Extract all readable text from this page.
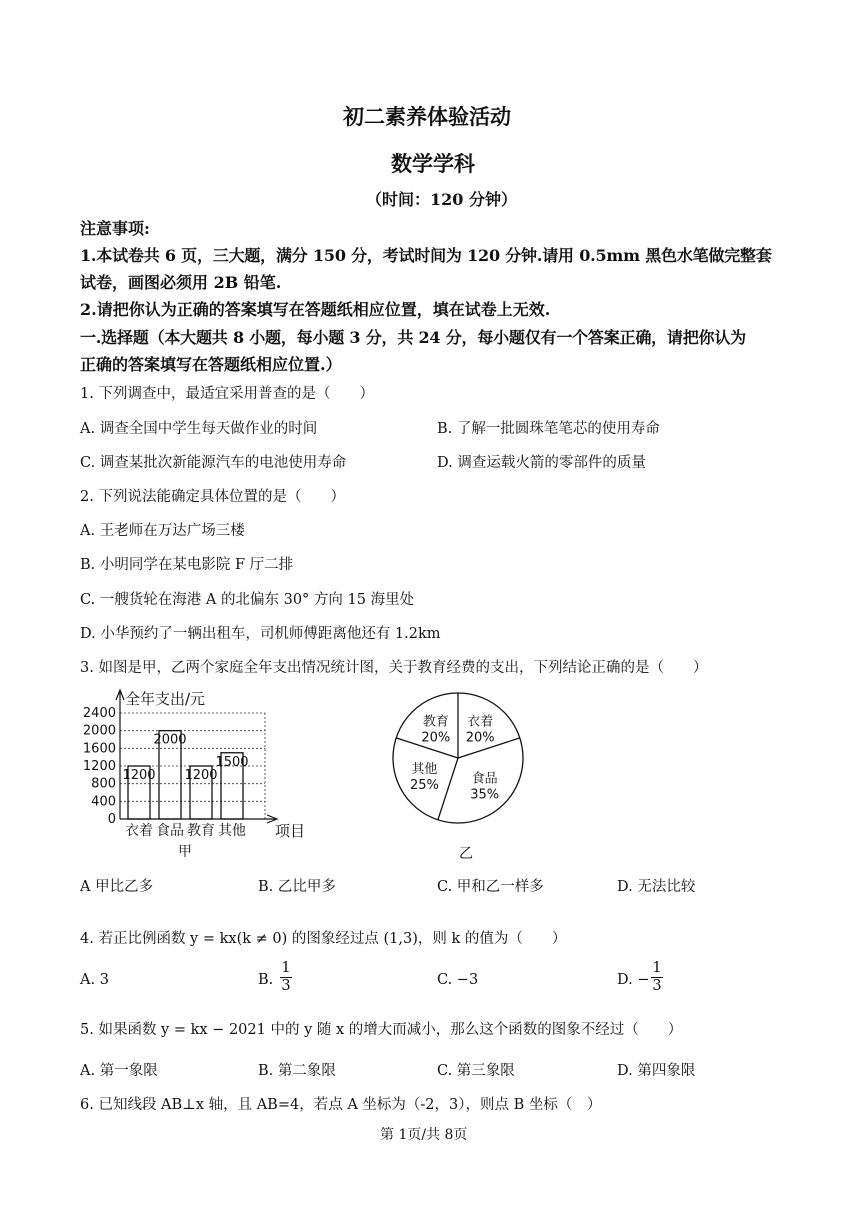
初二素养体验活动
数学学科
（时间：120 分钟）
注意事项:
1.本试卷共 6 页，三大题，满分 150 分，考试时间为 120 分钟.请用 0.5mm 黑色水笔做完整套
试卷，画图必须用 2B 铅笔.
2.请把你认为正确的答案填写在答题纸相应位置，填在试卷上无效.
一.选择题（本大题共 8 小题，每小题 3 分，共 24 分，每小题仅有一个答案正确，请把你认为
正确的答案填写在答题纸相应位置.）
1. 下列调查中，最适宜采用普查的是（　　）
A. 调查全国中学生每天做作业的时间	B. 了解一批圆珠笔笔芯的使用寿命
C. 调查某批次新能源汽车的电池使用寿命	D. 调查运载火箭的零部件的质量
2. 下列说法能确定具体位置的是（　　）
A. 王老师在万达广场三楼
B. 小明同学在某电影院 F 厅二排
C. 一艘货轮在海港 A 的北偏东 30° 方向 15 海里处
D. 小华预约了一辆出租车，司机师傅距离他还有 1.2km
3. 如图是甲，乙两个家庭全年支出情况统计图，关于教育经费的支出，下列结论正确的是（　　）
全年支出/元
项目
甲
0
400
800
1200
1600
2000
2400
1200
衣着
2000
食品
1200
教育
1500
其他
乙
教育
20%
衣着
20%
食品
35%
其他
25%
A 甲比乙多	B. 乙比甲多	C. 甲和乙一样多	D. 无法比较
4. 若正比例函数 y = kx(k ≠ 0) 的图象经过点 (1,3)，则 k 的值为（　　）
A. 3	B.
1
3	C. −3	D. −
1
3
5. 如果函数 y = kx − 2021 中的 y 随 x 的增大而减小，那么这个函数的图象不经过（　　）
A. 第一象限	B. 第二象限	C. 第三象限	D. 第四象限
6. 已知线段 AB⊥x 轴，且 AB=4，若点 A 坐标为（-2，3），则点 B 坐标（　）
第 1页/共 8页
